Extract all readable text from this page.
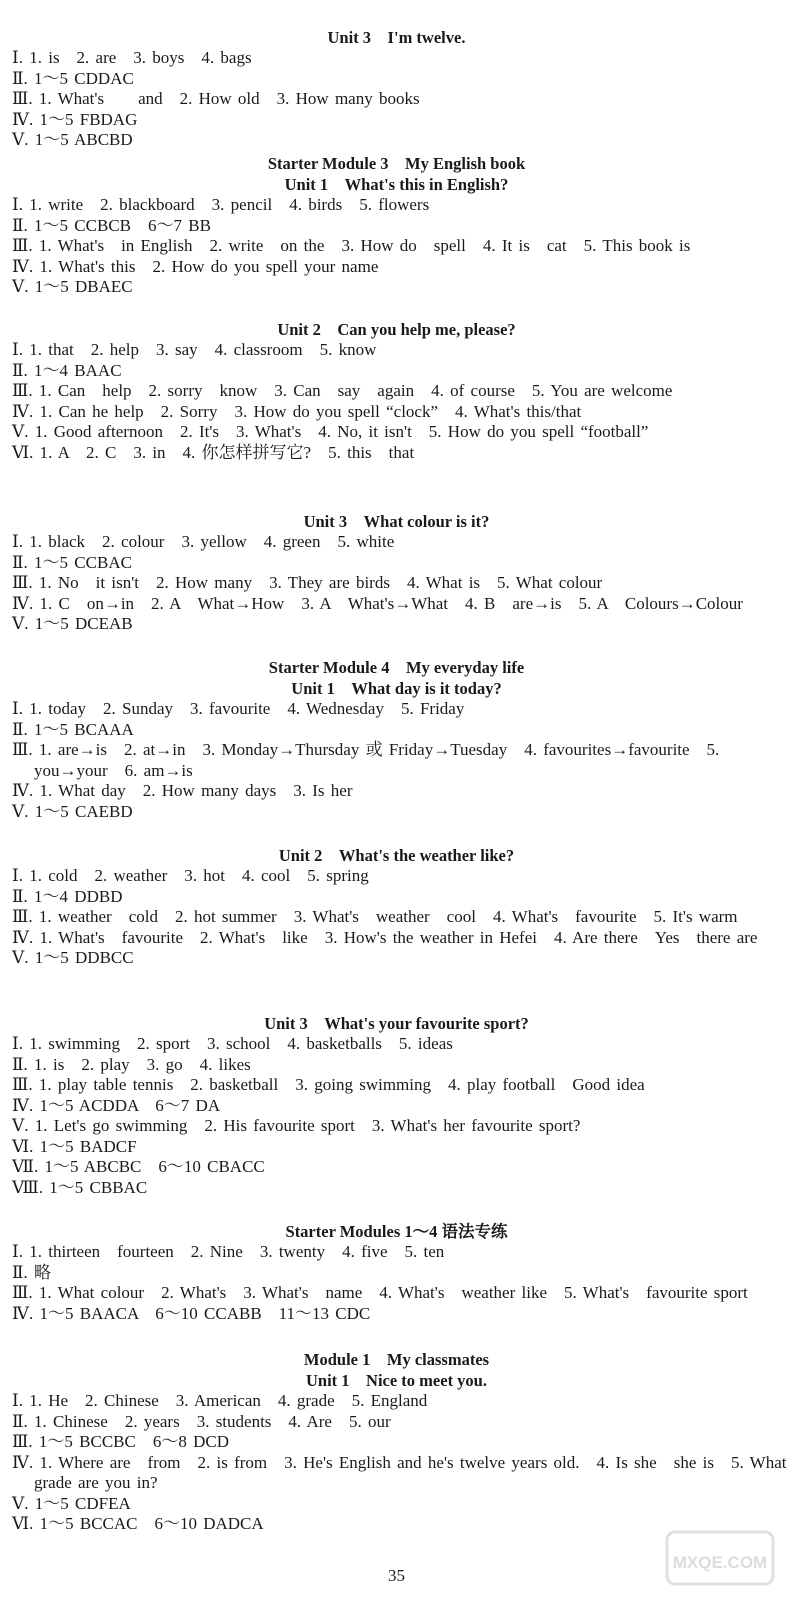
Unit 3　I'm twelve.
Ⅰ. 1. is　2. are　3. boys　4. bags
Ⅱ. 1～5 CDDAC
Ⅲ. 1. What's　　and　2. How old　3. How many books
Ⅳ. 1～5 FBDAG
Ⅴ. 1～5 ABCBD
Starter Module 3　My English book
Unit 1　What's this in English?
Ⅰ. 1. write　2. blackboard　3. pencil　4. birds　5. flowers
Ⅱ. 1～5 CCBCB　6～7 BB
Ⅲ. 1. What's　in English　2. write　on the　3. How do　spell　4. It is　cat　5. This book is
Ⅳ. 1. What's this　2. How do you spell your name
Ⅴ. 1～5 DBAEC
Unit 2　Can you help me, please?
Ⅰ. 1. that　2. help　3. say　4. classroom　5. know
Ⅱ. 1～4 BAAC
Ⅲ. 1. Can　help　2. sorry　know　3. Can　say　again　4. of course　5. You are welcome
Ⅳ. 1. Can he help　2. Sorry　3. How do you spell “clock”　4. What's this/that
Ⅴ. 1. Good afternoon　2. It's　3. What's　4. No, it isn't　5. How do you spell “football”
Ⅵ. 1. A　2. C　3. in　4. 你怎样拼写它?　5. this　that
Unit 3　What colour is it?
Ⅰ. 1. black　2. colour　3. yellow　4. green　5. white
Ⅱ. 1～5 CCBAC
Ⅲ. 1. No　it isn't　2. How many　3. They are birds　4. What is　5. What colour
Ⅳ. 1. C　on→in　2. A　What→How　3. A　What's→What　4. B　are→is　5. A　Colours→Colour
Ⅴ. 1～5 DCEAB
Starter Module 4　My everyday life
Unit 1　What day is it today?
Ⅰ. 1. today　2. Sunday　3. favourite　4. Wednesday　5. Friday
Ⅱ. 1～5 BCAAA
Ⅲ. 1. are→is　2. at→in　3. Monday→Thursday 或 Friday→Tuesday　4. favourites→favourite　5. you→your　6. am→is
Ⅳ. 1. What day　2. How many days　3. Is her
Ⅴ. 1～5 CAEBD
Unit 2　What's the weather like?
Ⅰ. 1. cold　2. weather　3. hot　4. cool　5. spring
Ⅱ. 1～4 DDBD
Ⅲ. 1. weather　cold　2. hot summer　3. What's　weather　cool　4. What's　favourite　5. It's warm
Ⅳ. 1. What's　favourite　2. What's　like　3. How's the weather in Hefei　4. Are there　Yes　there are
Ⅴ. 1～5 DDBCC
Unit 3　What's your favourite sport?
Ⅰ. 1. swimming　2. sport　3. school　4. basketballs　5. ideas
Ⅱ. 1. is　2. play　3. go　4. likes
Ⅲ. 1. play table tennis　2. basketball　3. going swimming　4. play football　Good idea
Ⅳ. 1～5 ACDDA　6～7 DA
Ⅴ. 1. Let's go swimming　2. His favourite sport　3. What's her favourite sport?
Ⅵ. 1～5 BADCF
Ⅶ. 1～5 ABCBC　6～10 CBACC
Ⅷ. 1～5 CBBAC
Starter Modules 1～4 语法专练
Ⅰ. 1. thirteen　fourteen　2. Nine　3. twenty　4. five　5. ten
Ⅱ. 略
Ⅲ. 1. What colour　2. What's　3. What's　name　4. What's　weather like　5. What's　favourite sport
Ⅳ. 1～5 BAACA　6～10 CCABB　11～13 CDC
Module 1　My classmates
Unit 1　Nice to meet you.
Ⅰ. 1. He　2. Chinese　3. American　4. grade　5. England
Ⅱ. 1. Chinese　2. years　3. students　4. Are　5. our
Ⅲ. 1～5 BCCBC　6～8 DCD
Ⅳ. 1. Where are　from　2. is from　3. He's English and he's twelve years old.　4. Is she　she is　5. What grade are you in?
Ⅴ. 1～5 CDFEA
Ⅵ. 1～5 BCCAC　6～10 DADCA
35
MXQE.COM
